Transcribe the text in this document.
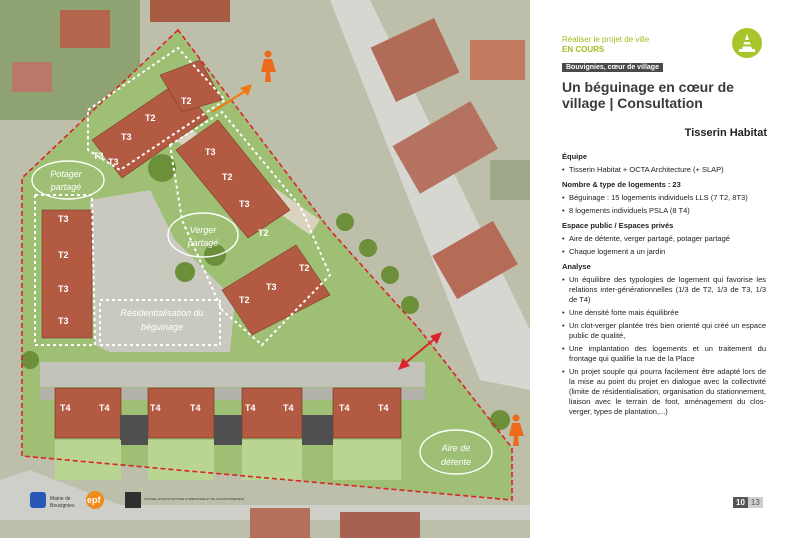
T2
T2
T3
T3
T3	T3
T2
T3
T2
T2
T3
T2
T3
T2
T3
T3
T4	T4	T4	T4	T4	T4	T4	T4
Potager
partagé
Verger
partagé
Résidentialisation du
béguinage
Aire de
détente
Mairie de
Bouvignies
epf	CONSEIL D'ARCHITECTURE D'URBANISME ET DE L'ENVIRONNEMENT
Réaliser le projet de ville
EN COURS
Bouvignies, cœur de village
Un béguinage en cœur de village | Consultation
Tisserin Habitat
Équipe
• Tisserin Habitat + OCTA Architecture (+ SLAP)
Nombre & type de logements : 23
• Béguinage : 15 logements individuels LLS (7 T2, 8T3)
• 8 logements individuels PSLA (8 T4)
Espace public / Espaces privés
• Aire de détente, verger partagé, potager partagé
• Chaque logement a un jardin
Analyse
• Un équilibre des typologies de logement qui favorise les relations inter-générationnelles (1/3 de T2, 1/3 de T3, 1/3 de T4)
• Une densité forte mais équilibrée
• Un clot-verger plantée très bien orienté qui créé un espace public de qualité,
• Une implantation des logements et un traitement du frontage qui qualifie la rue de la Place
• Un projet souple qui pourra facilement être adapté lors de la mise au point du projet en dialogue avec la collectivité (limite de résidentialisation, organisation du stationnement, liaison avec le terrain de foot, aménagement du clos-verger, types de plantation,...)
10 13
